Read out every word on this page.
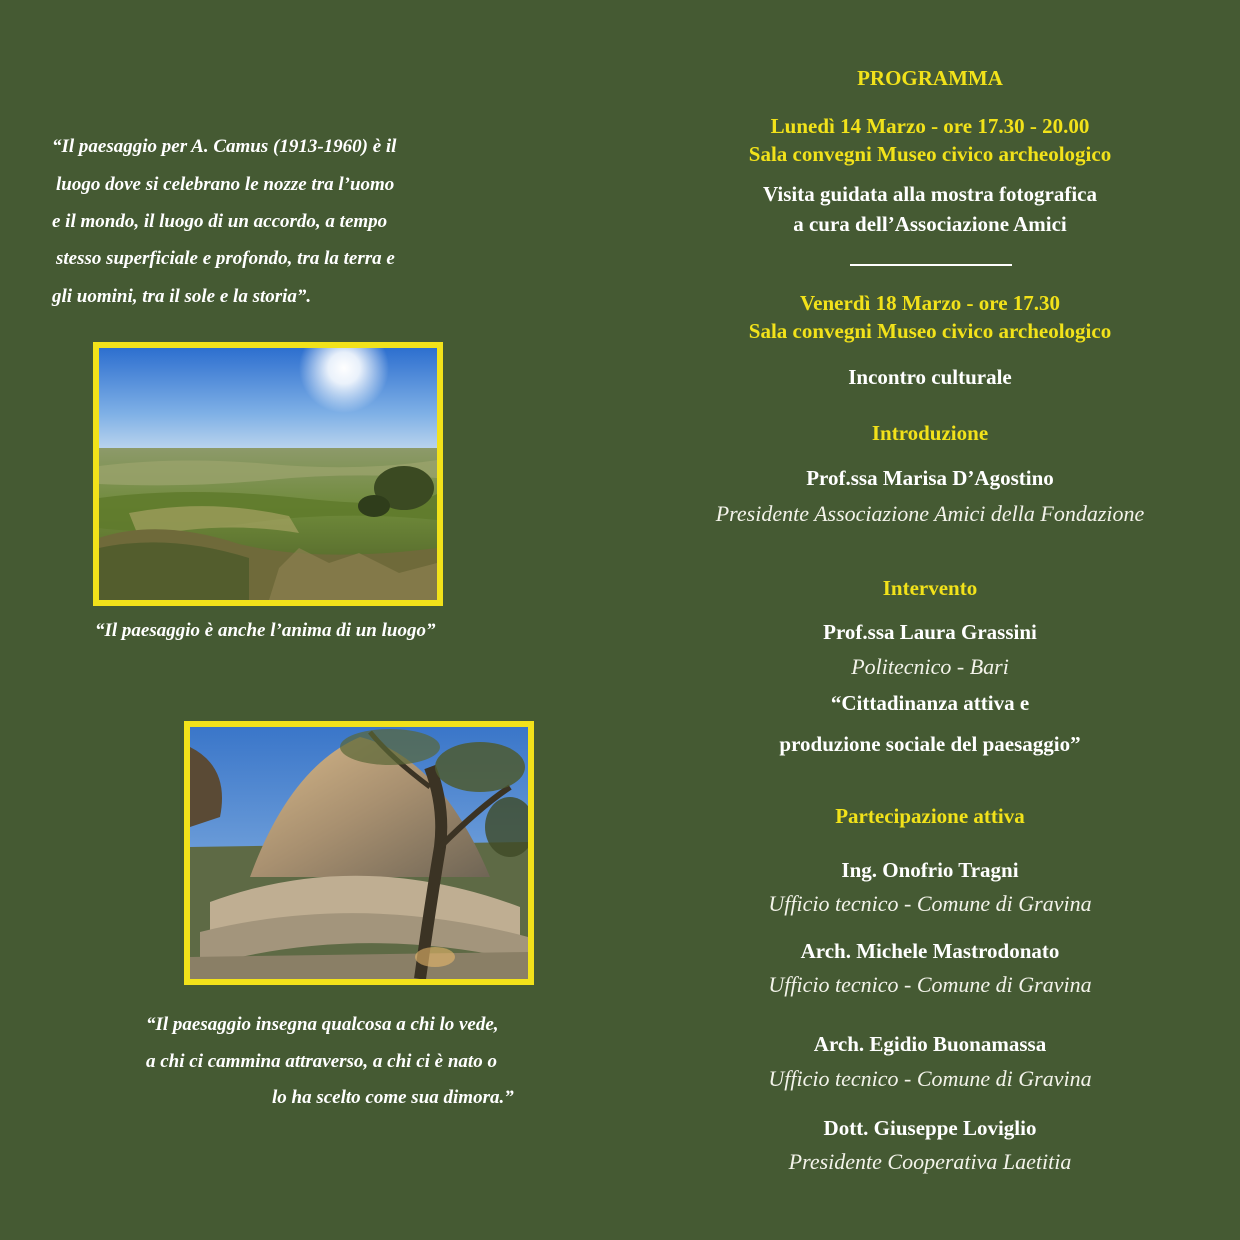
“Il paesaggio per A. Camus (1913-1960) è il
luogo dove si celebrano le nozze tra l’uomo
e il mondo, il luogo di un accordo, a tempo
stesso superficiale e profondo, tra la terra e
gli uomini, tra il sole e la storia”.
“Il paesaggio è anche l’anima di un luogo”
“Il paesaggio insegna qualcosa a chi lo vede,
a chi ci cammina attraverso, a chi ci è nato o
lo ha scelto come sua dimora.”
PROGRAMMA
Lunedì 14 Marzo - ore 17.30 - 20.00
Sala convegni Museo civico archeologico
Visita guidata alla mostra fotografica
a cura dell’Associazione Amici
Venerdì 18 Marzo - ore 17.30
Sala convegni Museo civico archeologico
Incontro culturale
Introduzione
Prof.ssa Marisa D’Agostino
Presidente Associazione Amici della Fondazione
Intervento
Prof.ssa Laura Grassini
Politecnico - Bari
“Cittadinanza attiva e
produzione sociale del paesaggio”
Partecipazione attiva
Ing. Onofrio Tragni
Ufficio tecnico - Comune di Gravina
Arch. Michele Mastrodonato
Ufficio tecnico - Comune di Gravina
Arch. Egidio Buonamassa
Ufficio tecnico - Comune di Gravina
Dott. Giuseppe Loviglio
Presidente Cooperativa Laetitia
